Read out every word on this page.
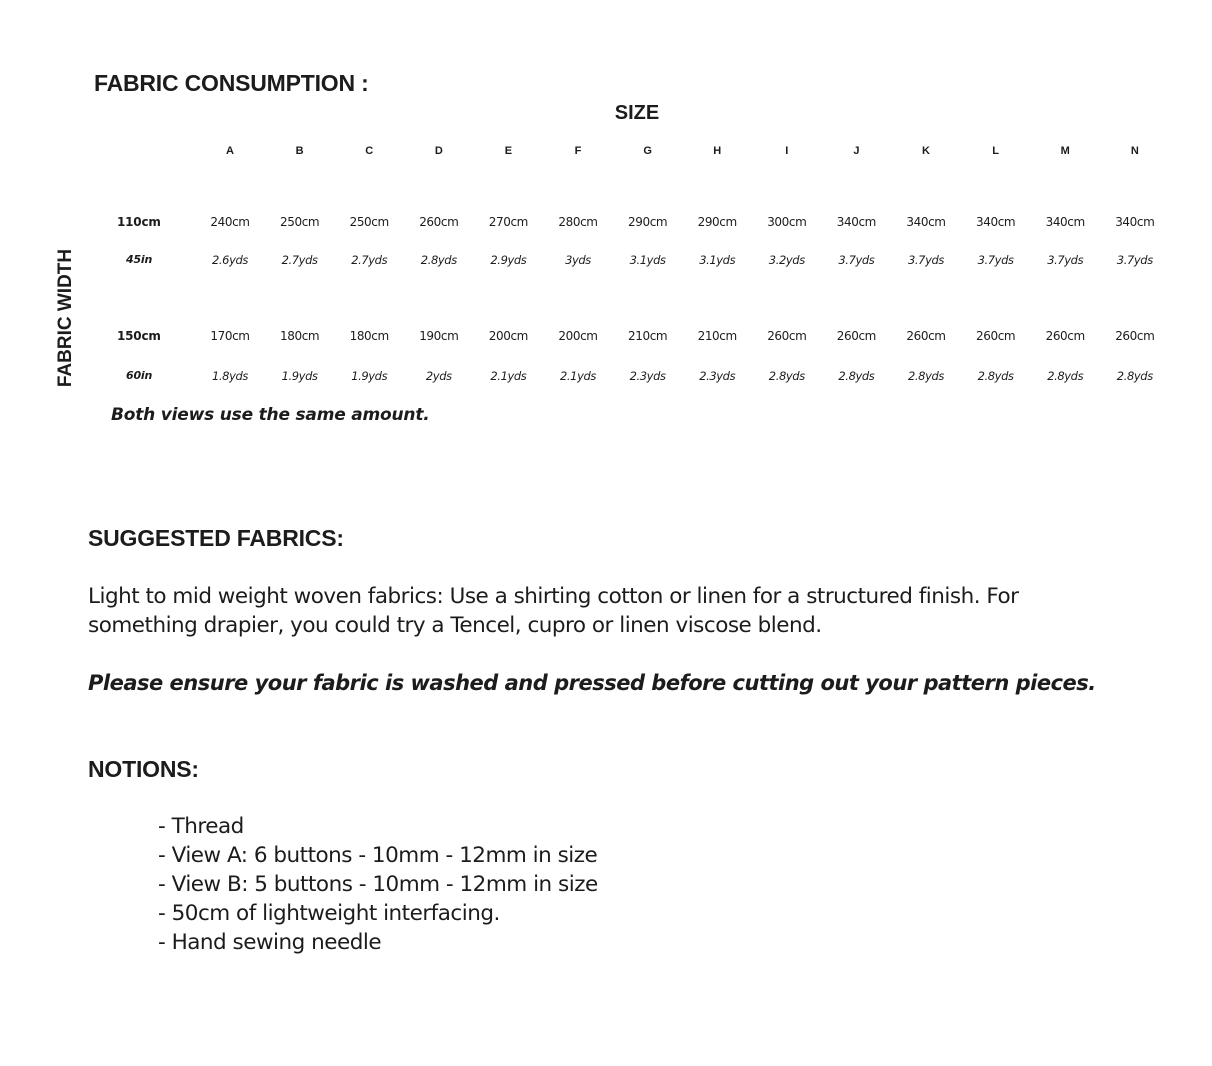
FABRIC CONSUMPTION :
SIZE
FABRIC WIDTH
A	B	C	D	E	F	G	H	I	J	K	L	M	N
110cm	240cm	250cm	250cm	260cm	270cm	280cm	290cm	290cm	300cm	340cm	340cm	340cm	340cm	340cm
45in	2.6yds	2.7yds	2.7yds	2.8yds	2.9yds	3yds	3.1yds	3.1yds	3.2yds	3.7yds	3.7yds	3.7yds	3.7yds	3.7yds
150cm	170cm	180cm	180cm	190cm	200cm	200cm	210cm	210cm	260cm	260cm	260cm	260cm	260cm	260cm
60in	1.8yds	1.9yds	1.9yds	2yds	2.1yds	2.1yds	2.3yds	2.3yds	2.8yds	2.8yds	2.8yds	2.8yds	2.8yds	2.8yds
Both views use the same amount.
SUGGESTED FABRICS:
Light to mid weight woven fabrics: Use a shirting cotton or linen for a structured finish. For something drapier, you could try a Tencel, cupro or linen viscose blend.
Please ensure your fabric is washed and pressed before cutting out your pattern pieces.
NOTIONS:
- Thread
- View A: 6 buttons - 10mm - 12mm in size
- View B: 5 buttons - 10mm - 12mm in size
- 50cm of lightweight interfacing.
- Hand sewing needle
